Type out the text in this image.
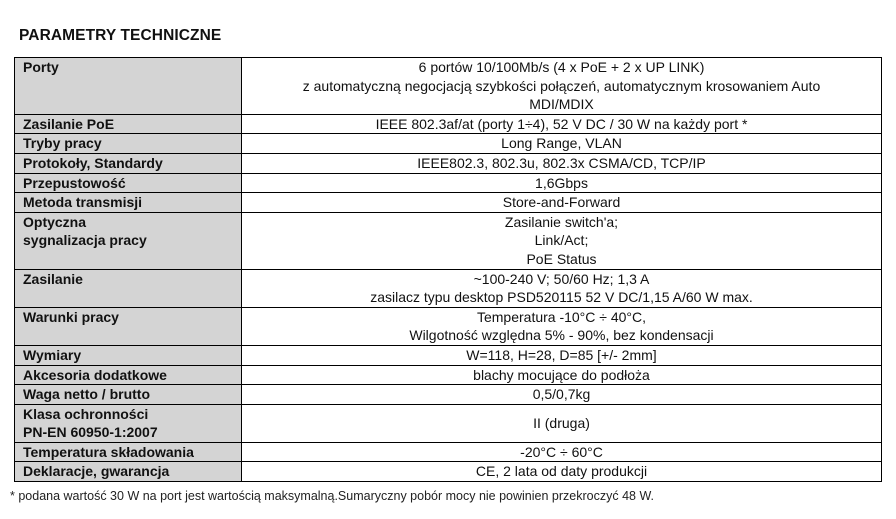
PARAMETRY TECHNICZNE
Porty	6 portów 10/100Mb/s (4 x PoE + 2 x UP LINK)
z automatyczną negocjacją szybkości połączeń, automatycznym krosowaniem Auto
MDI/MDIX

Zasilanie PoE	IEEE 802.3af/at (porty 1÷4), 52 V DC / 30 W na każdy port *

Tryby pracy	Long Range, VLAN

Protokoły, Standardy	IEEE802.3, 802.3u, 802.3x CSMA/CD, TCP/IP

Przepustowość	1,6Gbps

Metoda transmisji	Store-and-Forward

Optyczna
sygnalizacja pracy	Zasilanie switch'a;
Link/Act;
PoE Status

Zasilanie	~100-240 V; 50/60 Hz; 1,3 A
zasilacz typu desktop PSD520115 52 V DC/1,15 A/60 W max.

Warunki pracy	Temperatura -10°C ÷ 40°C,
Wilgotność względna 5% - 90%, bez kondensacji

Wymiary	W=118, H=28, D=85 [+/- 2mm]

Akcesoria dodatkowe	blachy mocujące do podłoża

Waga netto / brutto	0,5/0,7kg

Klasa ochronności
PN-EN 60950-1:2007	II (druga)

Temperatura składowania	-20°C ÷ 60°C

Deklaracje, gwarancja	CE, 2 lata od daty produkcji
* podana wartość 30 W na port jest wartością maksymalną.Sumaryczny pobór mocy nie powinien przekroczyć 48 W.
